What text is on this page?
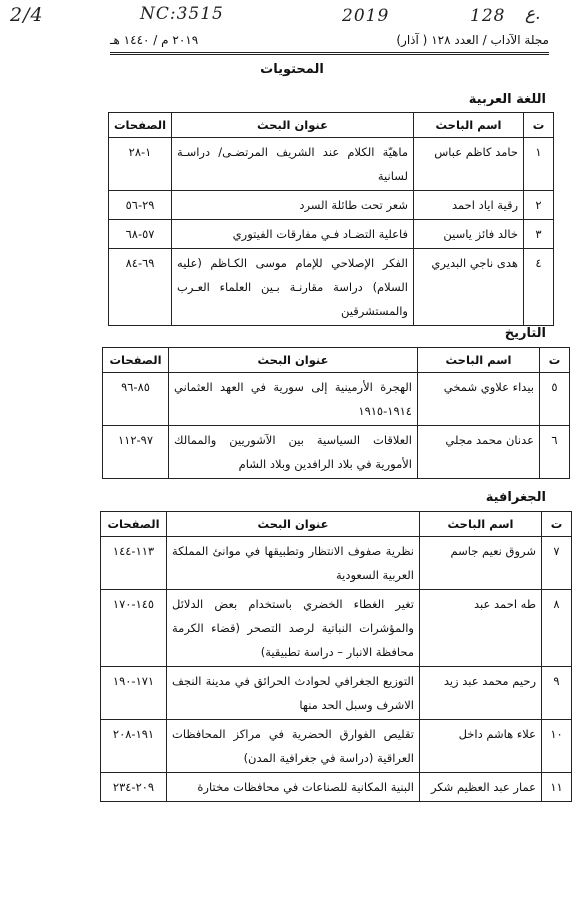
2/4	NC:3515	2019	128 ع.
مجلة الآداب / العدد ١٢٨ ( آذار)
٢٠١٩ م / ١٤٤٠ هـ
المحتويات
اللغة العربية
ت	اسم الباحث	عنوان البحث	الصفحات
١	حامد كاظم عباس	ماهيّة الكلام عند الشريف المرتضـى/ دراسـة لسانية	١-٢٨
٢	رقية اياد احمد	شعر تحت طائلة السرد	٢٩-٥٦
٣	خالد فائز ياسين	فاعلية التضـاد فـي مفارقات الفيتوري	٥٧-٦٨
٤	هدى ناجي البديري	الفكر الإصلاحي للإمام موسى الكـاظم (عليه السلام) دراسة مقارنـة بـين العلماء العـرب والمستشرقين	٦٩-٨٤
التاريخ
ت	اسم الباحث	عنوان البحث	الصفحات
٥	بيداء علاوي شمخي	الهجرة الأرمينية إلى سورية في العهد العثماني ١٩١٤-١٩١٥	٨٥-٩٦
٦	عدنان محمد مجلي	العلاقات السياسية بين الآشوريين والممالك الأمورية في بلاد الرافدين وبلاد الشام	٩٧-١١٢
الجغرافية
ت	اسم الباحث	عنوان البحث	الصفحات
٧	شروق نعيم جاسم	نظرية صفوف الانتظار وتطبيقها في موانئ المملكة العربية السعودية	١١٣-١٤٤
٨	طه احمد عبد	تغير الغطاء الخضري باستخدام بعض الدلائل والمؤشرات النباتية لرصد التصحر (قضاء الكرمة محافظة الانبار – دراسة تطبيقية)	١٤٥-١٧٠
٩	رحيم محمد عبد زيد	التوزيع الجغرافي لحوادث الحرائق في مدينة النجف الاشرف وسبل الحد منها	١٧١-١٩٠
١٠	علاء هاشم داخل	تقليص الفوارق الحضرية في مراكز المحافظات العراقية (دراسة في جغرافية المدن)	١٩١-٢٠٨
١١	عمار عبد العظيم شكر	البنية المكانية للصناعات في محافظات مختارة	٢٠٩-٢٣٤
